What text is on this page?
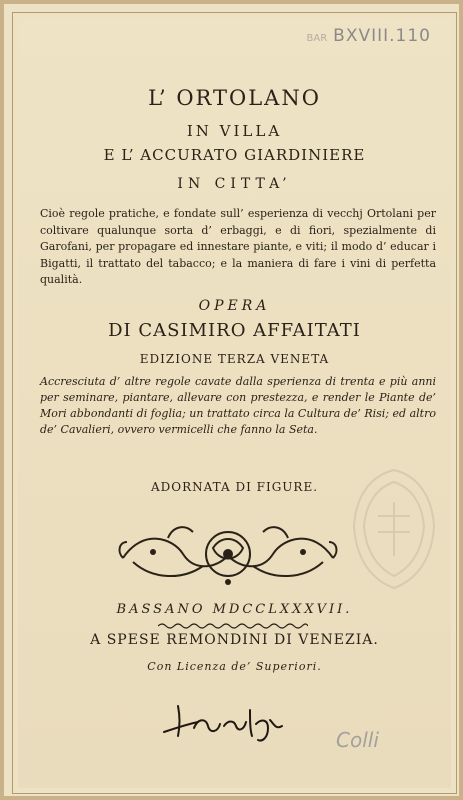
BAR BXVIII.110
L’ ORTOLANO
IN VILLA
E L’ ACCURATO GIARDINIERE
IN CITTA’
Cioè regole pratiche, e fondate sull’ esperienza di vecchj Ortolani per coltivare qualunque sorta d’ erbaggi, e di fiori, spezialmente di Garofani, per propagare ed innestare piante, e viti; il modo d’ educar i Bigatti, il trattato del tabacco; e la maniera di fare i vini di perfetta qualità.
OPERA
DI CASIMIRO AFFAITATI
EDIZIONE TERZA VENETA
Accresciuta d’ altre regole cavate dalla sperienza di trenta e più anni per seminare, piantare, allevare con prestezza, e render le Piante de’ Mori abbondanti di foglia; un trattato circa la Cultura de’ Risi; ed altro de’ Cavalieri, ovvero vermicelli che fanno la Seta.
ADORNATA DI FIGURE.
BASSANO MDCCLXXXVII.
A SPESE REMONDINI DI VENEZIA.
Con Licenza de’ Superiori.
Colli
